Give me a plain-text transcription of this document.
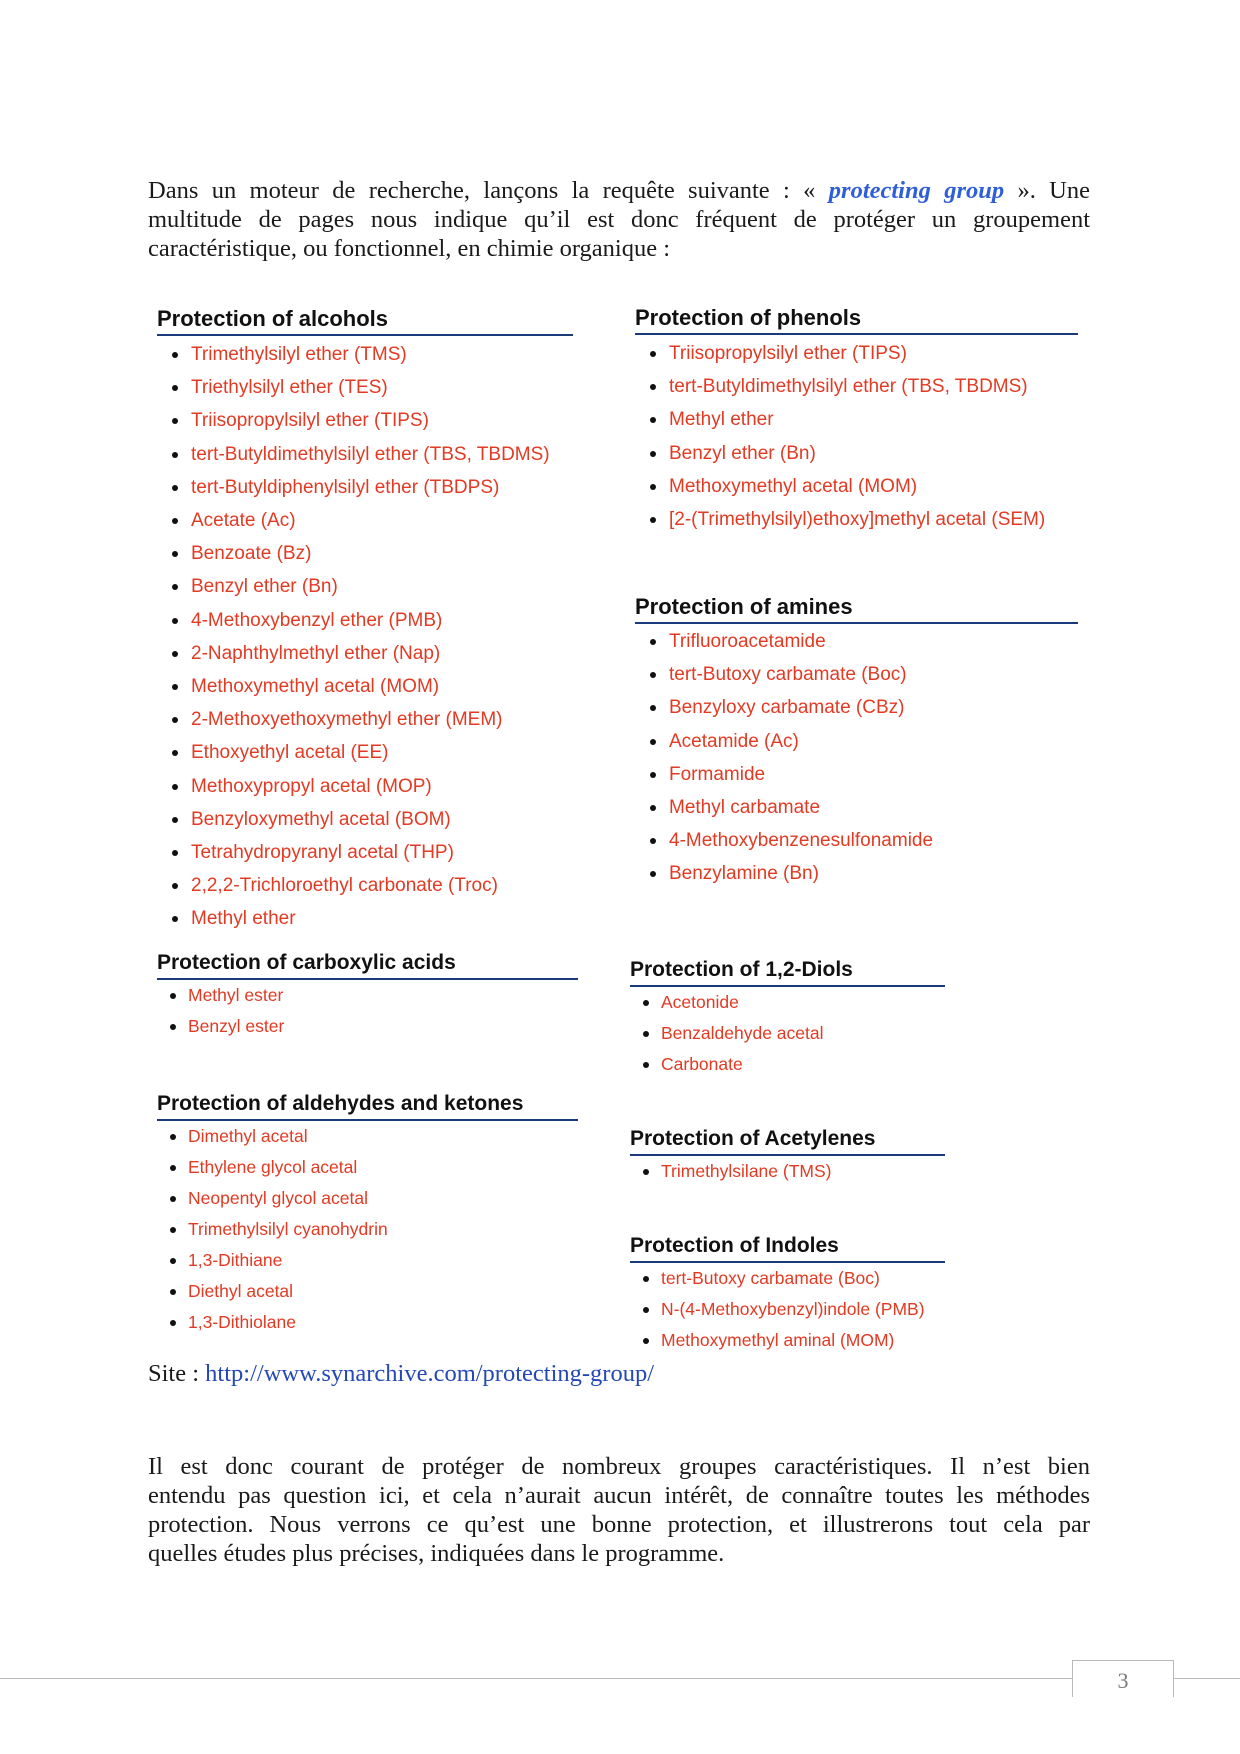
Dans un moteur de recherche, lançons la requête suivante : « protecting group ». Une
multitude de pages nous indique qu’il est donc fréquent de protéger un groupement
caractéristique, ou fonctionnel, en chimie organique :
Protection of alcohols
Trimethylsilyl ether (TMS)
Triethylsilyl ether (TES)
Triisopropylsilyl ether (TIPS)
tert-Butyldimethylsilyl ether (TBS, TBDMS)
tert-Butyldiphenylsilyl ether (TBDPS)
Acetate (Ac)
Benzoate (Bz)
Benzyl ether (Bn)
4-Methoxybenzyl ether (PMB)
2-Naphthylmethyl ether (Nap)
Methoxymethyl acetal (MOM)
2-Methoxyethoxymethyl ether (MEM)
Ethoxyethyl acetal (EE)
Methoxypropyl acetal (MOP)
Benzyloxymethyl acetal (BOM)
Tetrahydropyranyl acetal (THP)
2,2,2-Trichloroethyl carbonate (Troc)
Methyl ether
Protection of carboxylic acids
Methyl ester
Benzyl ester
Protection of aldehydes and ketones
Dimethyl acetal
Ethylene glycol acetal
Neopentyl glycol acetal
Trimethylsilyl cyanohydrin
1,3-Dithiane
Diethyl acetal
1,3-Dithiolane
Protection of phenols
Triisopropylsilyl ether (TIPS)
tert-Butyldimethylsilyl ether (TBS, TBDMS)
Methyl ether
Benzyl ether (Bn)
Methoxymethyl acetal (MOM)
[2-(Trimethylsilyl)ethoxy]methyl acetal (SEM)
Protection of amines
Trifluoroacetamide
tert-Butoxy carbamate (Boc)
Benzyloxy carbamate (CBz)
Acetamide (Ac)
Formamide
Methyl carbamate
4-Methoxybenzenesulfonamide
Benzylamine (Bn)
Protection of 1,2-Diols
Acetonide
Benzaldehyde acetal
Carbonate
Protection of Acetylenes
Trimethylsilane (TMS)
Protection of Indoles
tert-Butoxy carbamate (Boc)
N-(4-Methoxybenzyl)indole (PMB)
Methoxymethyl aminal (MOM)
Site : http://www.synarchive.com/protecting-group/
Il est donc courant de protéger de nombreux groupes caractéristiques. Il n’est bien
entendu pas question ici, et cela n’aurait aucun intérêt, de connaître toutes les méthodes
protection. Nous verrons ce qu’est une bonne protection, et illustrerons tout cela par
quelles études plus précises, indiquées dans le programme.
3
